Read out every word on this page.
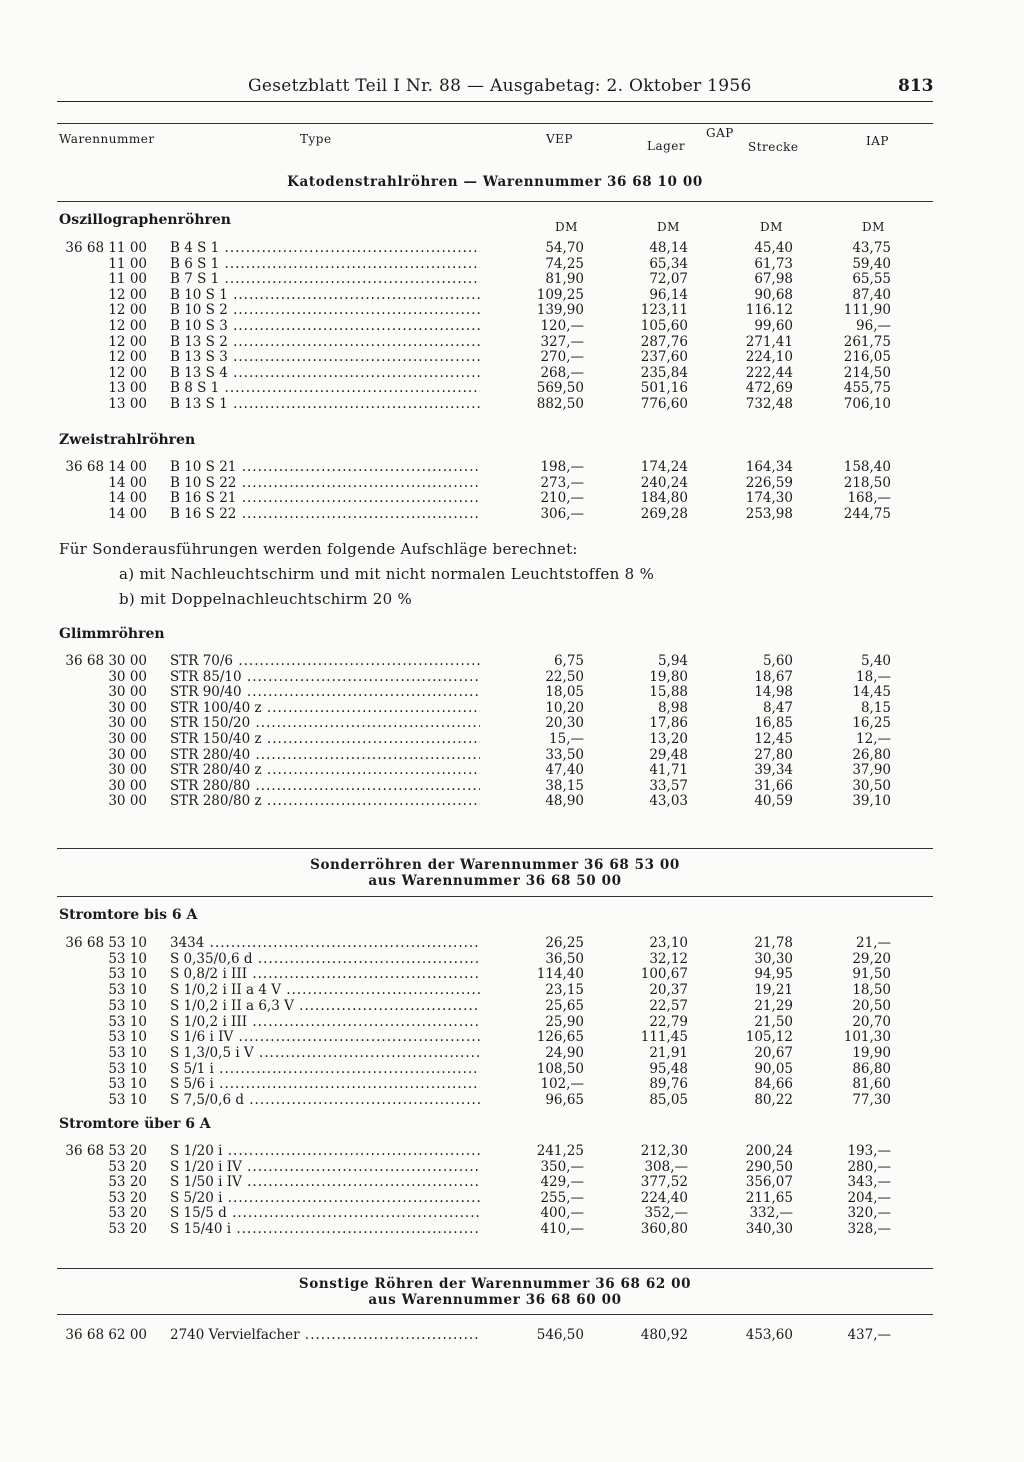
Gesetzblatt Teil I Nr. 88 — Ausgabetag: 2. Oktober 1956	813
Warennummer	Type	VEP	GAP
Lager	Strecke	IAP
Katodenstrahlröhren — Warennummer 36 68 10 00
Oszillographenröhren	DM	DM	DM	DM
Zweistrahlröhren
Für Sonderausführungen werden folgende Aufschläge berechnet:
a) mit Nachleuchtschirm und mit nicht normalen Leuchtstoffen 8 %
b) mit Doppelnachleuchtschirm 20 %
Glimmröhren
Sonderröhren der Warennummer 36 68 53 00
aus Warennummer 36 68 50 00
Stromtore bis 6 A
Stromtore über 6 A
Sonstige Röhren der Warennummer 36 68 62 00
aus Warennummer 36 68 60 00
36 68 11 00 B 4 S 1 .....	54,70	48,14	45,40	43,75
11 00 B 6 S 1 .....	74,25	65,34	61,73	59,40
11 00 B 7 S 1 .....	81,90	72,07	67,98	65,55
12 00 B 10 S 1 .....	109,25	96,14	90,68	87,40
12 00 B 10 S 2 .....	139,90	123,11	116.12	111,90
12 00 B 10 S 3 .....	120,—	105,60	99,60	96,—
12 00 B 13 S 2 .....	327,—	287,76	271,41	261,75
12 00 B 13 S 3 .....	270,—	237,60	224,10	216,05
12 00 B 13 S 4 .....	268,—	235,84	222,44	214,50
13 00 B 8 S 1 .....	569,50	501,16	472,69	455,75
13 00 B 13 S 1 .....	882,50	776,60	732,48	706,10
36 68 14 00 B 10 S 21 .....	198,—	174,24	164,34	158,40
14 00 B 10 S 22 .....	273,—	240,24	226,59	218,50
14 00 B 16 S 21 .....	210,—	184,80	174,30	168,—
14 00 B 16 S 22 .....	306,—	269,28	253,98	244,75
36 68 30 00 STR 70/6 .....	6,75	5,94	5,60	5,40
30 00 STR 85/10 .....	22,50	19,80	18,67	18,—
30 00 STR 90/40 .....	18,05	15,88	14,98	14,45
30 00 STR 100/40 z .....	10,20	8,98	8,47	8,15
30 00 STR 150/20 .....	20,30	17,86	16,85	16,25
30 00 STR 150/40 z .....	15,—	13,20	12,45	12,—
30 00 STR 280/40 .....	33,50	29,48	27,80	26,80
30 00 STR 280/40 z .....	47,40	41,71	39,34	37,90
30 00 STR 280/80 .....	38,15	33,57	31,66	30,50
30 00 STR 280/80 z .....	48,90	43,03	40,59	39,10
36 68 53 10 3434 .....	26,25	23,10	21,78	21,—
53 10 S 0,35/0,6 d .....	36,50	32,12	30,30	29,20
53 10 S 0,8/2 i III .....	114,40	100,67	94,95	91,50
53 10 S 1/0,2 i II a 4 V .....	23,15	20,37	19,21	18,50
53 10 S 1/0,2 i II a 6,3 V .....	25,65	22,57	21,29	20,50
53 10 S 1/0,2 i III .....	25,90	22,79	21,50	20,70
53 10 S 1/6 i IV .....	126,65	111,45	105,12	101,30
53 10 S 1,3/0,5 i V .....	24,90	21,91	20,67	19,90
53 10 S 5/1 i .....	108,50	95,48	90,05	86,80
53 10 S 5/6 i .....	102,—	89,76	84,66	81,60
53 10 S 7,5/0,6 d .....	96,65	85,05	80,22	77,30
36 68 53 20 S 1/20 i .....	241,25	212,30	200,24	193,—
53 20 S 1/20 i IV .....	350,—	308,—	290,50	280,—
53 20 S 1/50 i IV .....	429,—	377,52	356,07	343,—
53 20 S 5/20 i .....	255,—	224,40	211,65	204,—
53 20 S 15/5 d .....	400,—	352,—	332,—	320,—
53 20 S 15/40 i .....	410,—	360,80	340,30	328,—
36 68 62 00 2740 Vervielfacher .....	546,50	480,92	453,60	437,—
